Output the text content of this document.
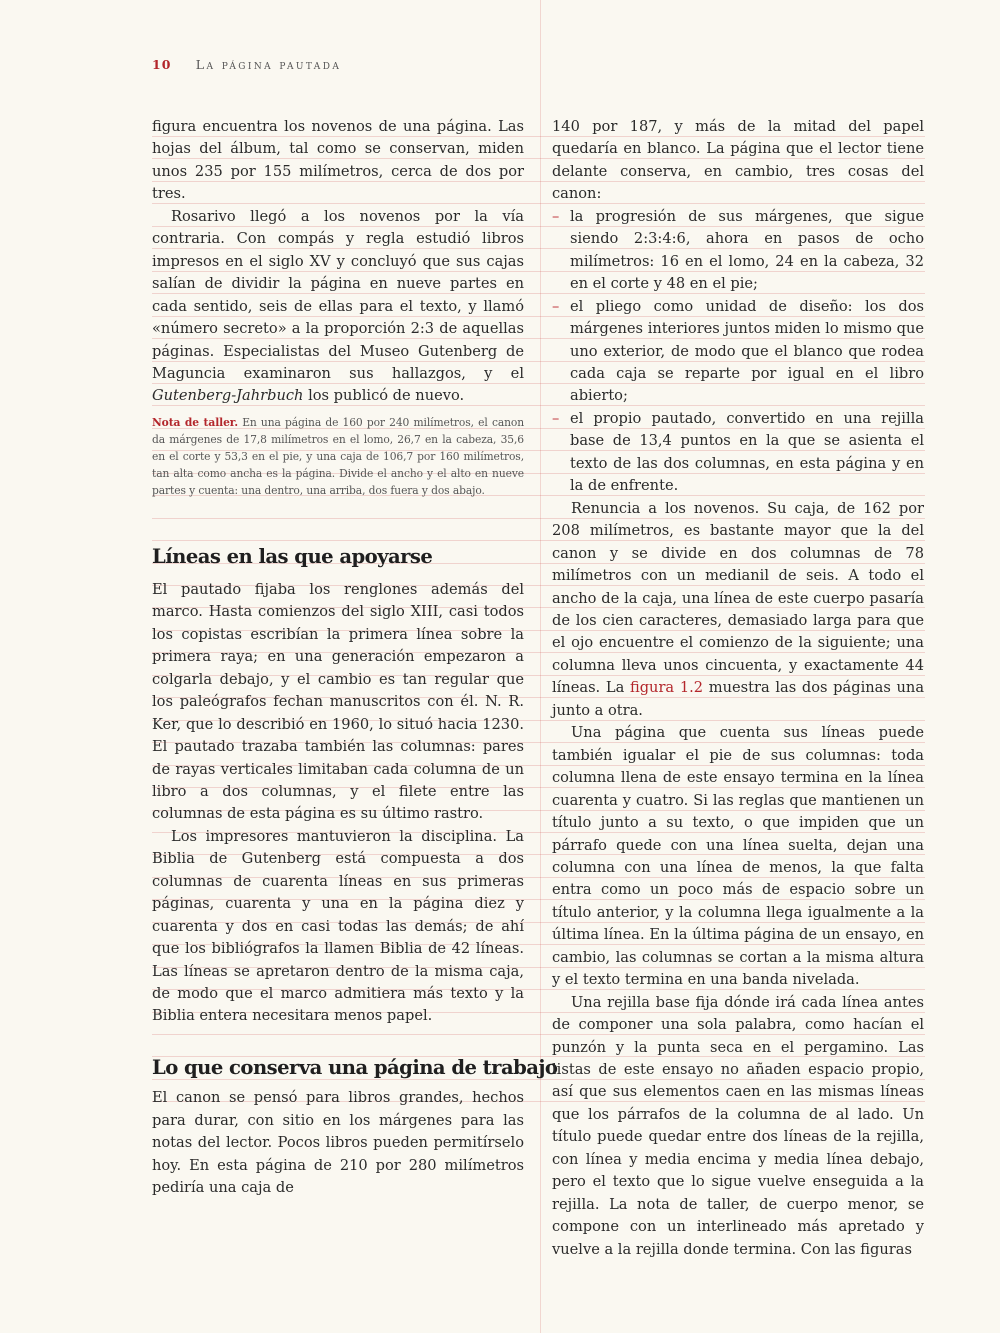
10 La página pautada

figura encuentra los novenos de una página. Las hojas del álbum, tal como se conservan, miden unos 235 por 155 milímetros, cerca de dos por tres.

Rosarivo llegó a los novenos por la vía contraria. Con compás y regla estudió libros impresos en el siglo XV y concluyó que sus cajas salían de dividir la página en nueve partes en cada sentido, seis de ellas para el texto, y llamó «número secreto» a la proporción 2:3 de aquellas páginas. Especialistas del Museo Gutenberg de Maguncia examinaron sus hallazgos, y el Gutenberg-Jahrbuch los publicó de nuevo.

Nota de taller. En una página de 160 por 240 milímetros, el canon da márgenes de 17,8 milímetros en el lomo, 26,7 en la cabeza, 35,6 en el corte y 53,3 en el pie, y una caja de 106,7 por 160 milímetros, tan alta como ancha es la página. Divide el ancho y el alto en nueve partes y cuenta: una dentro, una arriba, dos fuera y dos abajo.
Líneas en las que apoyarse

El pautado fijaba los renglones además del marco. Hasta comienzos del siglo XIII, casi todos los copistas escribían la primera línea sobre la primera raya; en una generación empezaron a colgarla debajo, y el cambio es tan regular que los paleógrafos fechan manuscritos con él. N. R. Ker, que lo describió en 1960, lo situó hacia 1230. El pautado trazaba también las columnas: pares de rayas verticales limitaban cada columna de un libro a dos columnas, y el filete entre las columnas de esta página es su último rastro.

Los impresores mantuvieron la disciplina. La Biblia de Gutenberg está compuesta a dos columnas de cuarenta líneas en sus primeras páginas, cuarenta y una en la página diez y cuarenta y dos en casi todas las demás; de ahí que los bibliógrafos la llamen Biblia de 42 líneas. Las líneas se apretaron dentro de la misma caja, de modo que el marco admitiera más texto y la Biblia entera necesitara menos papel.

Lo que conserva una página de trabajo

El canon se pensó para libros grandes, hechos para durar, con sitio en los márgenes para las notas del lector. Pocos libros pueden permitírselo hoy. En esta página de 210 por 280 milímetros pediría una caja de

140 por 187, y más de la mitad del papel quedaría en blanco. La página que el lector tiene delante conserva, en cambio, tres cosas del canon:

– la progresión de sus márgenes, que sigue siendo 2:3:4:6, ahora en pasos de ocho milímetros: 16 en el lomo, 24 en la cabeza, 32 en el corte y 48 en el pie;
– el pliego como unidad de diseño: los dos márgenes interiores juntos miden lo mismo que uno exterior, de modo que el blanco que rodea cada caja se reparte por igual en el libro abierto;
– el propio pautado, convertido en una rejilla base de 13,4 puntos en la que se asienta el texto de las dos columnas, en esta página y en la de enfrente.

Renuncia a los novenos. Su caja, de 162 por 208 milímetros, es bastante mayor que la del canon y se divide en dos columnas de 78 milímetros con un medianil de seis. A todo el ancho de la caja, una línea de este cuerpo pasaría de los cien caracteres, demasiado larga para que el ojo encuentre el comienzo de la siguiente; una columna lleva unos cincuenta, y exactamente 44 líneas. La figura 1.2 muestra las dos páginas una junto a otra.

Una página que cuenta sus líneas puede también igualar el pie de sus columnas: toda columna llena de este ensayo termina en la línea cuarenta y cuatro. Si las reglas que mantienen un título junto a su texto, o que impiden que un párrafo quede con una línea suelta, dejan una columna con una línea de menos, la que falta entra como un poco más de espacio sobre un título anterior, y la columna llega igualmente a la última línea. En la última página de un ensayo, en cambio, las columnas se cortan a la misma altura y el texto termina en una banda nivelada.

Una rejilla base fija dónde irá cada línea antes de componer una sola palabra, como hacían el punzón y la punta seca en el pergamino. Las listas de este ensayo no añaden espacio propio, así que sus elementos caen en las mismas líneas que los párrafos de la columna de al lado. Un título puede quedar entre dos líneas de la rejilla, con línea y media encima y media línea debajo, pero el texto que lo sigue vuelve enseguida a la rejilla. La nota de taller, de cuerpo menor, se compone con un interlineado más apretado y vuelve a la rejilla donde termina. Con las figuras
